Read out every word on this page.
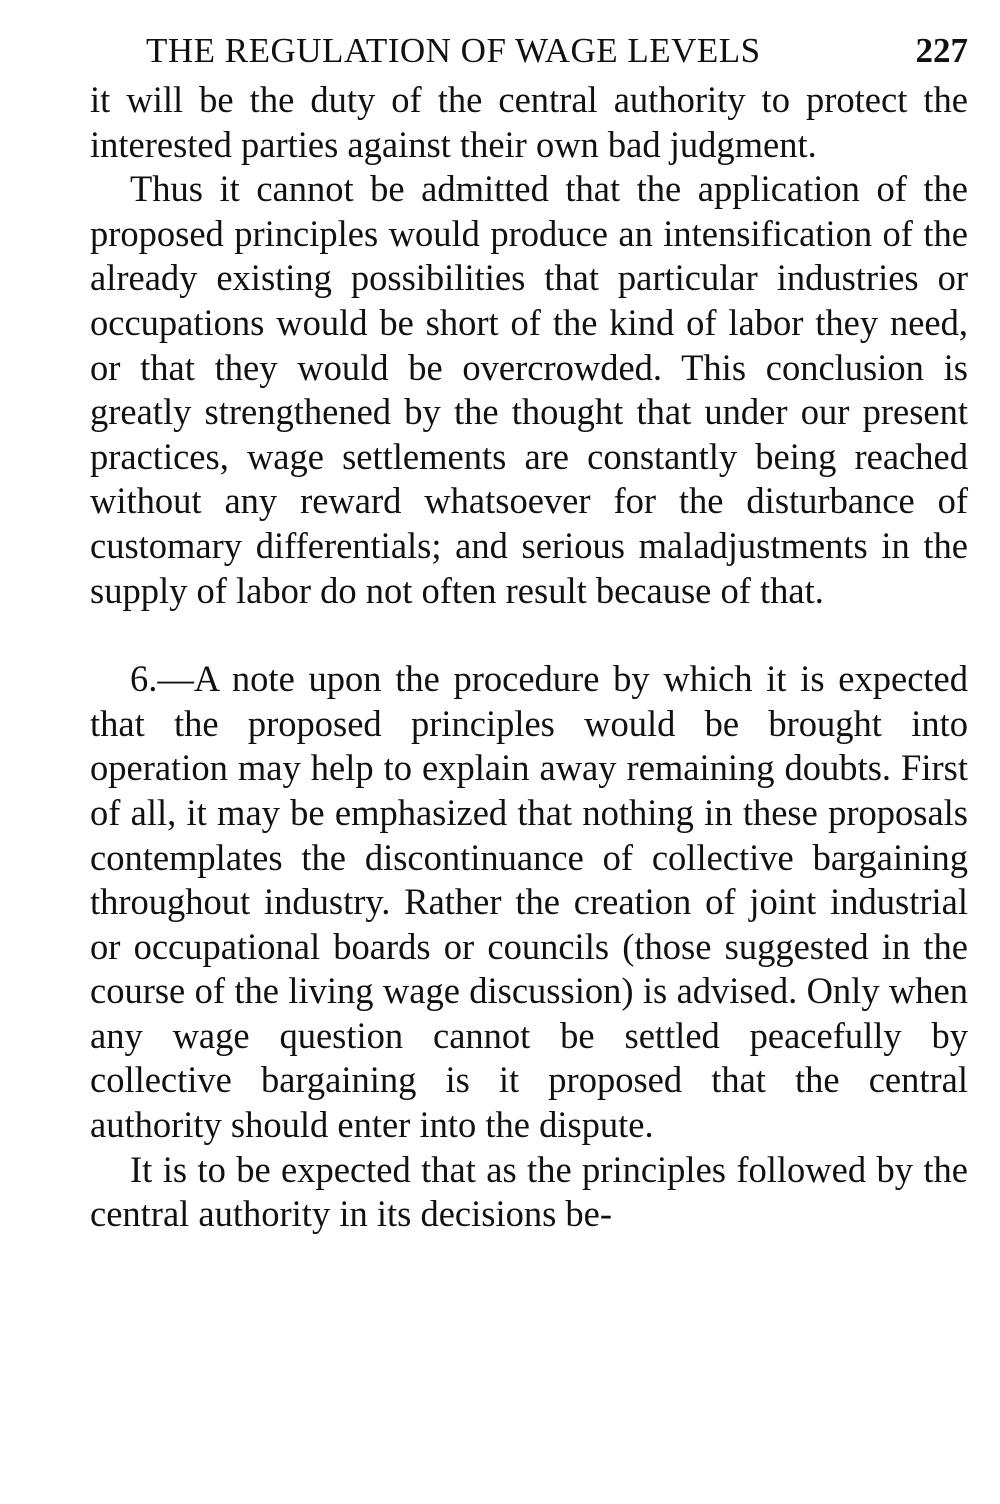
THE REGULATION OF WAGE LEVELS	227

it will be the duty of the central authority to protect the interested parties against their own bad judgment.

Thus it cannot be admitted that the application of the proposed principles would produce an intensification of the already existing possibilities that particular industries or occupations would be short of the kind of labor they need, or that they would be overcrowded. This conclusion is greatly strengthened by the thought that under our present practices, wage settlements are constantly being reached without any reward whatsoever for the disturbance of customary differentials; and serious maladjustments in the supply of labor do not often result because of that.

6.—A note upon the procedure by which it is expected that the proposed principles would be brought into operation may help to explain away remaining doubts. First of all, it may be emphasized that nothing in these proposals contemplates the discontinuance of collective bargaining throughout industry. Rather the creation of joint industrial or occupational boards or councils (those suggested in the course of the living wage discussion) is advised. Only when any wage question cannot be settled peacefully by collective bargaining is it proposed that the central authority should enter into the dispute.

It is to be expected that as the principles followed by the central authority in its decisions be-
